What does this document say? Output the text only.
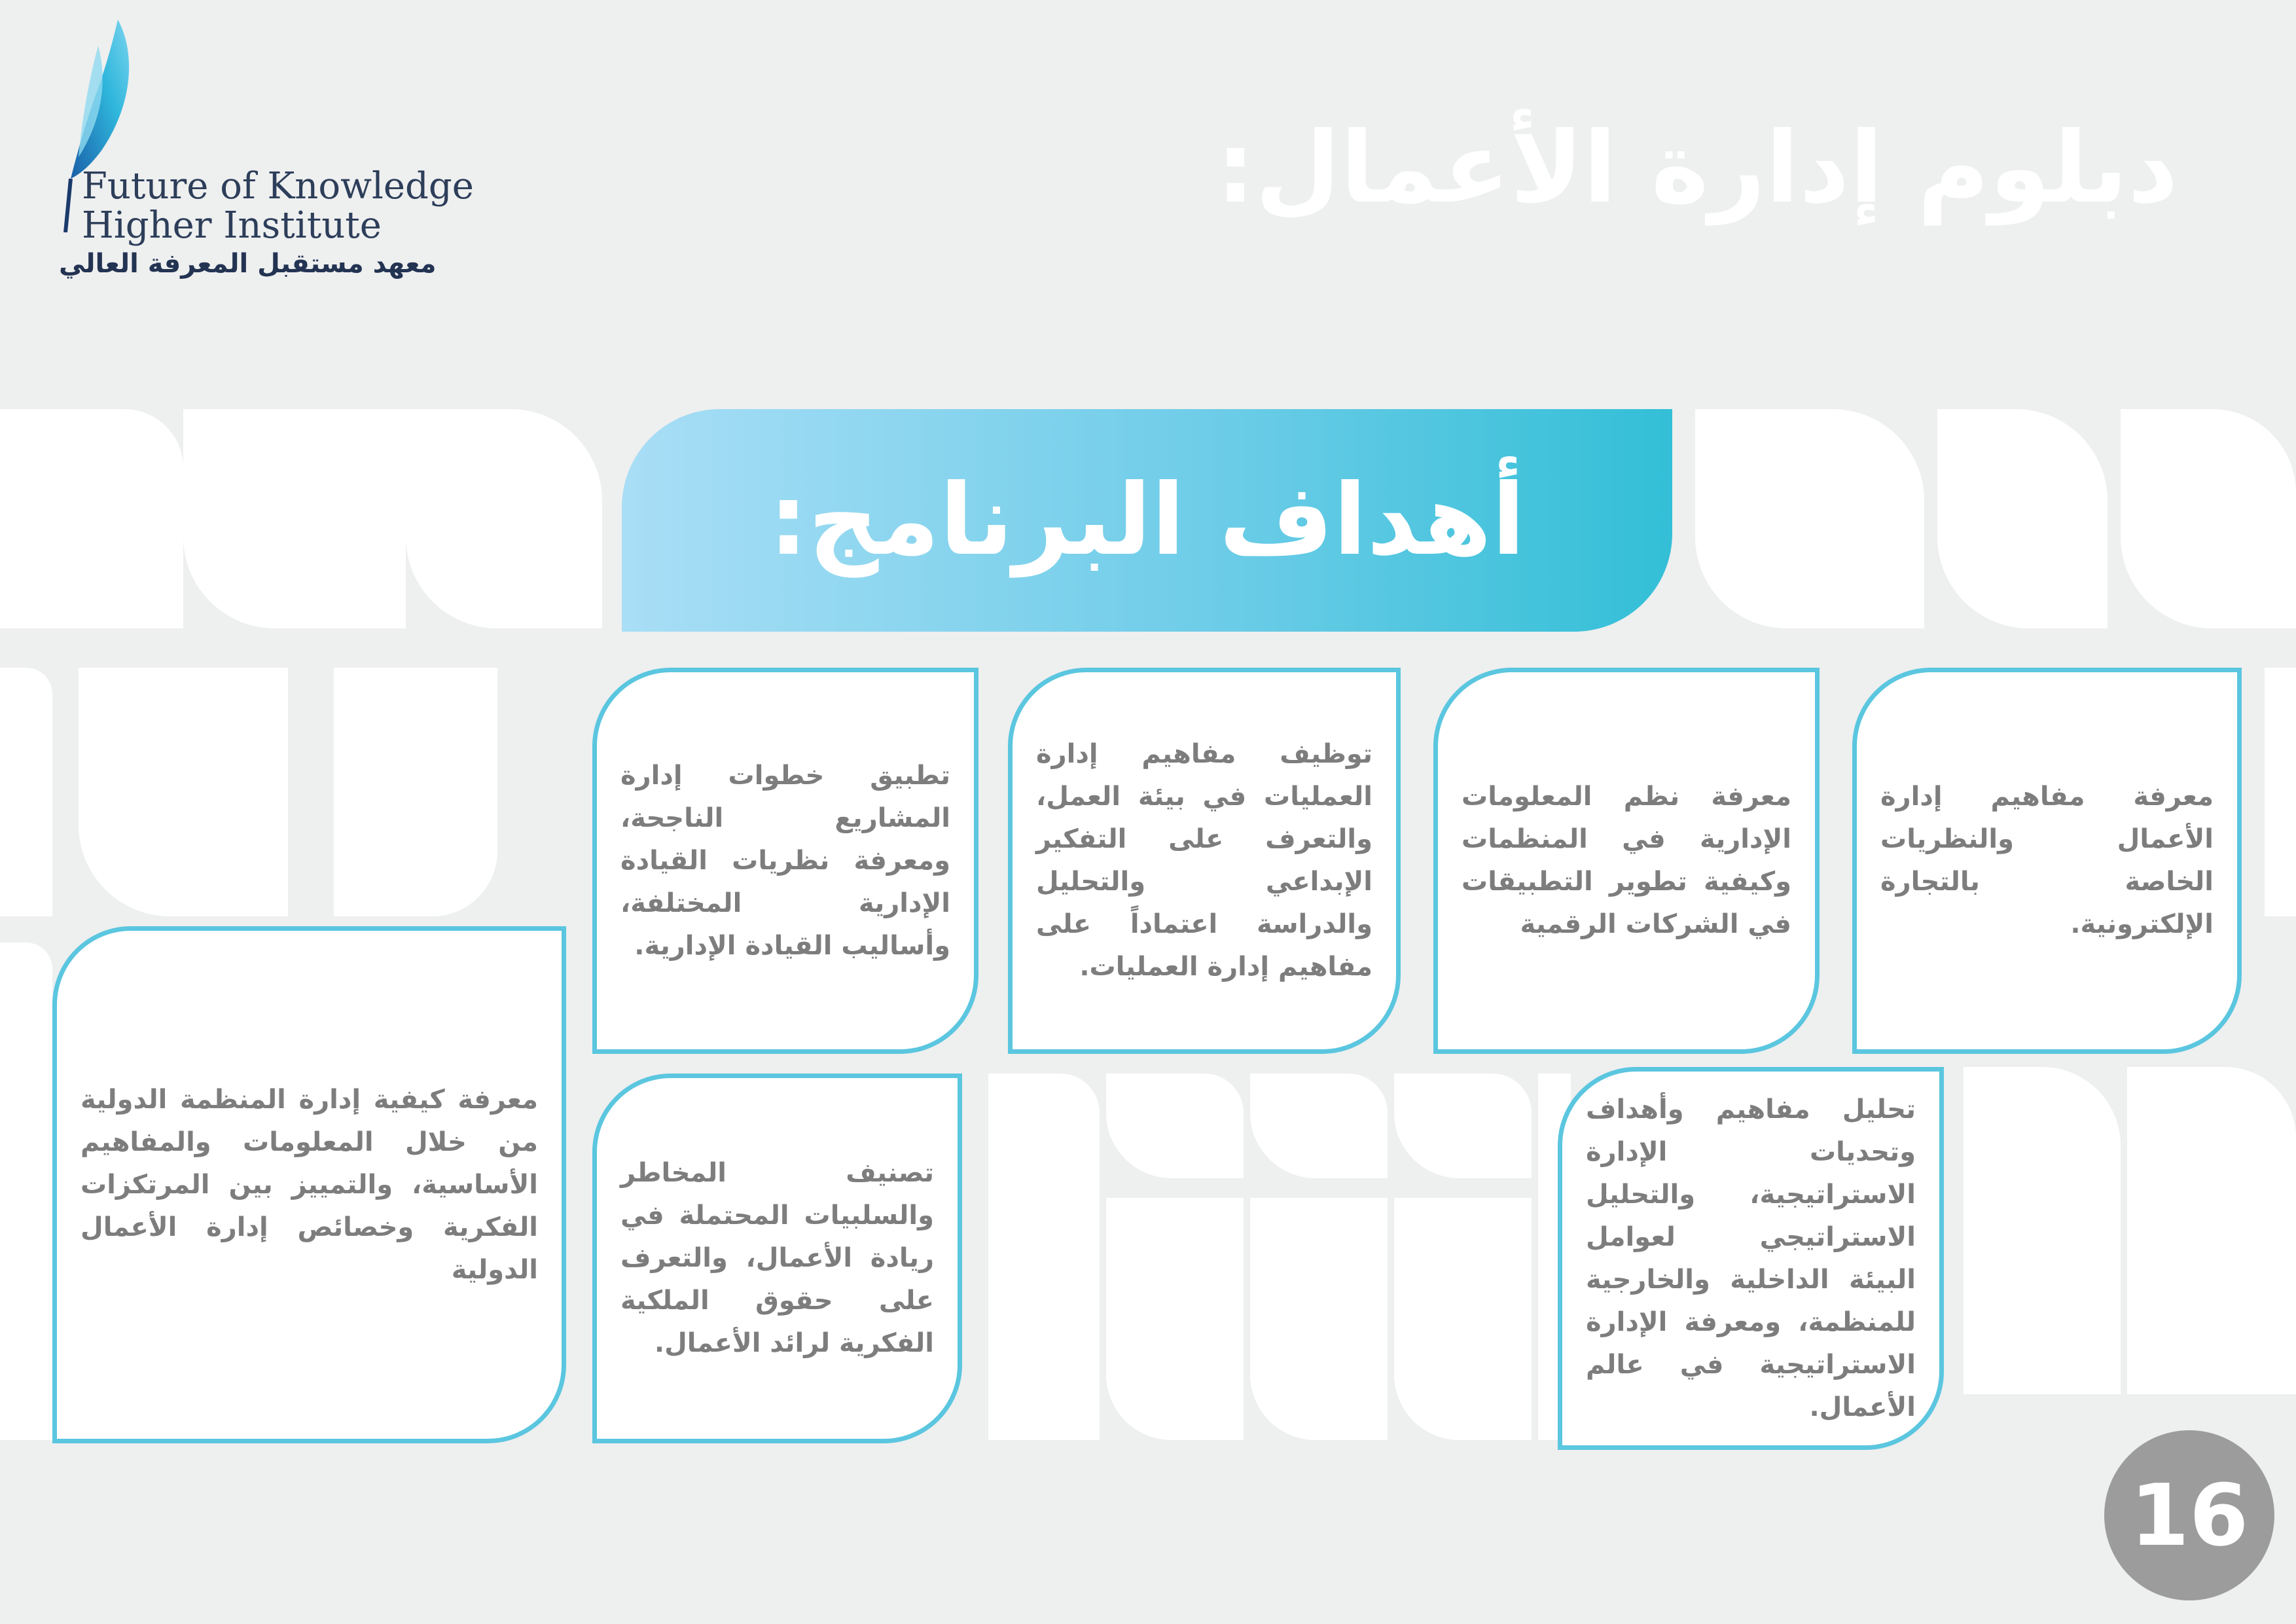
Future of Knowledge
Higher Institute
معهد مستقبل المعرفة العالي
دبلوم إدارة الأعمال:
أهداف البرنامج:
معرفة مفاهيم إدارة الأعمال والنظريات الخاصة بالتجارة الإلكترونية.
معرفة نظم المعلومات الإدارية في المنظمات وكيفية تطوير التطبيقات في الشركات الرقمية
توظيف مفاهيم إدارة العمليات في بيئة العمل، والتعرف على التفكير الإبداعي والتحليل والدراسة اعتماداً على مفاهيم إدارة العمليات.
تطبيق خطوات إدارة المشاريع الناجحة، ومعرفة نظريات القيادة الإدارية المختلفة، وأساليب القيادة الإدارية.
معرفة كيفية إدارة المنظمة الدولية من خلال المعلومات والمفاهيم الأساسية، والتمييز بين المرتكزات الفكرية وخصائص إدارة الأعمال الدولية
تصنيف المخاطر والسلبيات المحتملة في ريادة الأعمال، والتعرف على حقوق الملكية الفكرية لرائد الأعمال.
تحليل مفاهيم وأهداف وتحديات الإدارة الاستراتيجية، والتحليل الاستراتيجي لعوامل البيئة الداخلية والخارجية للمنظمة، ومعرفة الإدارة الاستراتيجية في عالم الأعمال.
16
